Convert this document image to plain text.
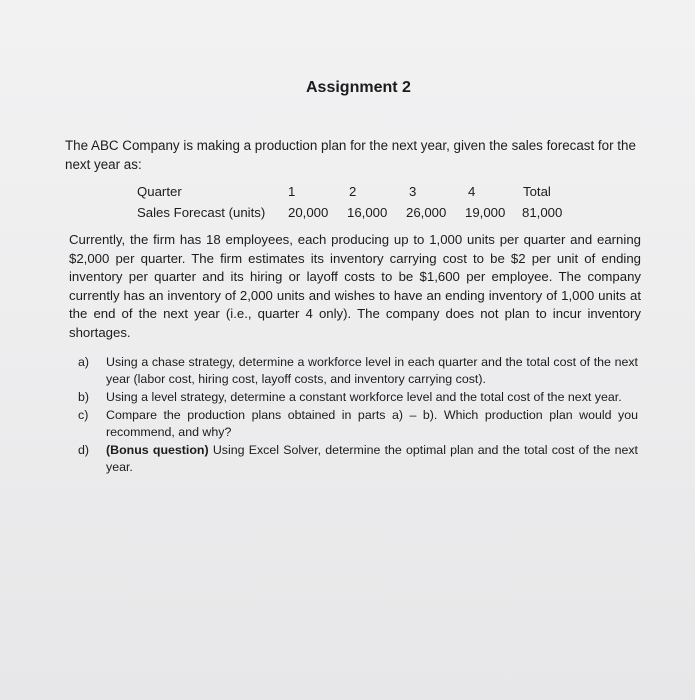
Assignment 2

The ABC Company is making a production plan for the next year, given the sales forecast for the next year as:

Quarter	1	2	3	4	Total
Sales Forecast (units) 20,000 16,000 26,000 19,000 81,000

Currently, the firm has 18 employees, each producing up to 1,000 units per quarter and earning $2,000 per quarter. The firm estimates its inventory carrying cost to be $2 per unit of ending inventory per quarter and its hiring or layoff costs to be $1,600 per employee. The company currently has an inventory of 2,000 units and wishes to have an ending inventory of 1,000 units at the end of the next year (i.e., quarter 4 only). The company does not plan to incur inventory shortages.

a) Using a chase strategy, determine a workforce level in each quarter and the total cost of the next year (labor cost, hiring cost, layoff costs, and inventory carrying cost).
b) Using a level strategy, determine a constant workforce level and the total cost of the next year.
c) Compare the production plans obtained in parts a) – b). Which production plan would you recommend, and why?
d) (Bonus question) Using Excel Solver, determine the optimal plan and the total cost of the next year.
